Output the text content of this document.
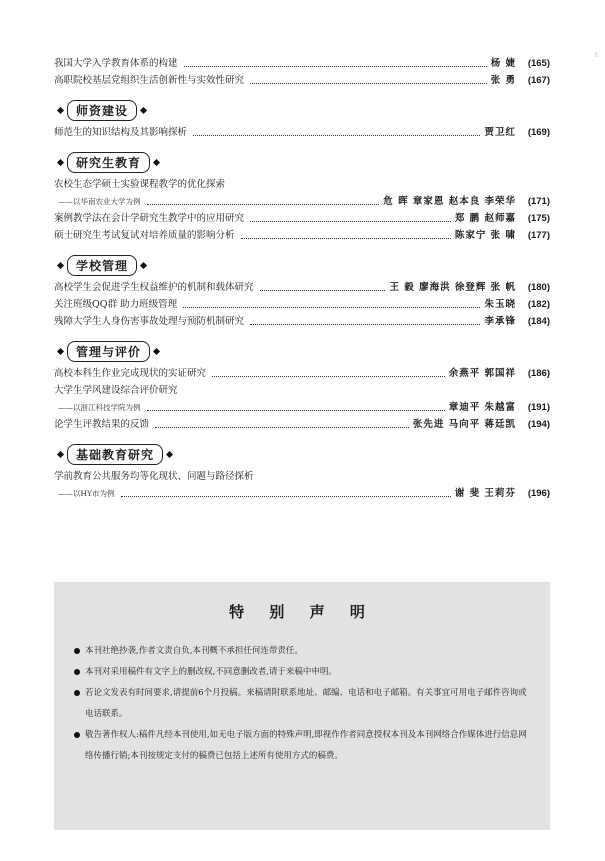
ε
我国大学入学教育体系的构建	杨 婕	(165)
高职院校基层党组织生活创新性与实效性研究	张 勇	(167)
师资建设
师范生的知识结构及其影响探析	贾卫红	(169)
研究生教育
农校生态学硕士实验课程教学的优化探索
——以华南农业大学为例	危 晖 章家恩 赵本良 李荣华	(171)
案例教学法在会计学研究生教学中的应用研究	郑 鹏 赵师嘉	(175)
硕士研究生考试复试对培养质量的影响分析	陈家宁 张 啸	(177)
学校管理
高校学生会促进学生权益维护的机制和载体研究	王 毅 廖海洪 徐登辉 张 帆	(180)
关注班级QQ群 助力班级管理	朱玉晓	(182)
残障大学生人身伤害事故处理与预防机制研究	李承锋	(184)
管理与评价
高校本科生作业完成现状的实证研究	余燕平 郭国祥	(186)
大学生学风建设综合评价研究
——以浙江科技学院为例	章迪平 朱越富	(191)
论学生评教结果的反馈	张先进 马向平 蒋廷凯	(194)
基础教育研究
学前教育公共服务均等化现状、问题与路径探析
——以HY市为例	谢 斐 王莉芬	(196)
特 别 声 明
本刊社绝抄袭,作者文责自负,本刊概不承担任何连带责任。
本刊对采用稿件有文字上的删改权,不同意删改者,请于来稿中申明。
若论文发表有时间要求,请提前6个月投稿。来稿请附联系地址、邮编、电话和电子邮箱。有关事宜可用电子邮件咨询或电话联系。
敬告著作权人:稿件凡经本刊使用,如无电子版方面的特殊声明,即视作作者同意授权本刊及本刊网络合作媒体进行信息网络传播行销;本刊按规定支付的稿费已包括上述所有使用方式的稿费。
